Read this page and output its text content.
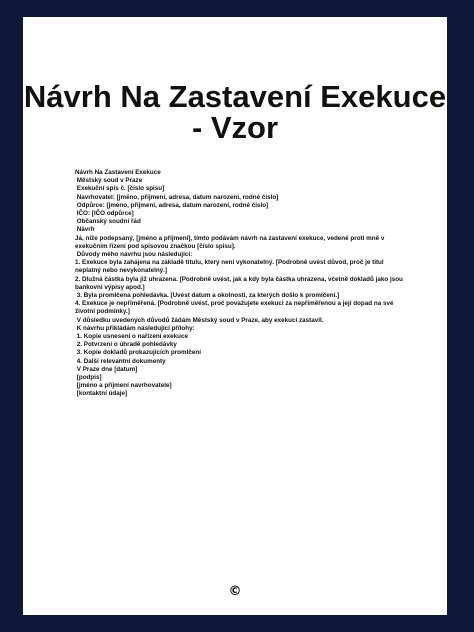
Návrh Na Zastavení Exekuce
- Vzor
Návrh Na Zastavení Exekuce
Městský soud v Praze
Exekuční spis č. [číslo spisu]
Navrhovatel: [jméno, příjmení, adresa, datum narození, rodné číslo]
Odpůrce: [jméno, příjmení, adresa, datum narození, rodné číslo]
IČO: [IČO odpůrce]
Občanský soudní řád
Návrh
Já, níže podepsaný, [jméno a příjmení], tímto podávám návrh na zastavení exekuce, vedené proti mně v exekučním řízení pod spisovou značkou [číslo spisu].
Důvody mého návrhu jsou následující:
1. Exekuce byla zahájena na základě titulu, který není vykonatelný. [Podrobně uvést důvod, proč je titul neplatný nebo nevykonatelný.]
2. Dlužná částka byla již uhrazena. [Podrobně uvést, jak a kdy byla částka uhrazena, včetně dokladů jako jsou bankovní výpisy apod.]
3. Byla promlčena pohledávka. [Uvést datum a okolnosti, za kterých došlo k promlčení.]
4. Exekuce je nepřiměřená. [Podrobně uvést, proč považujete exekuci za nepřiměřenou a její dopad na své životní podmínky.]
V důsledku uvedených důvodů žádám Městský soud v Praze, aby exekuci zastavil.
K návrhu přikládám následující přílohy:
1. Kopie usnesení o nařízení exekuce
2. Potvrzení o úhradě pohledávky
3. Kopie dokladů prokazujících promlčení
4. Další relevantní dokumenty
V Praze dne [datum]
[podpis]
[jméno a příjmení navrhovatele]
[kontaktní údaje]
©
